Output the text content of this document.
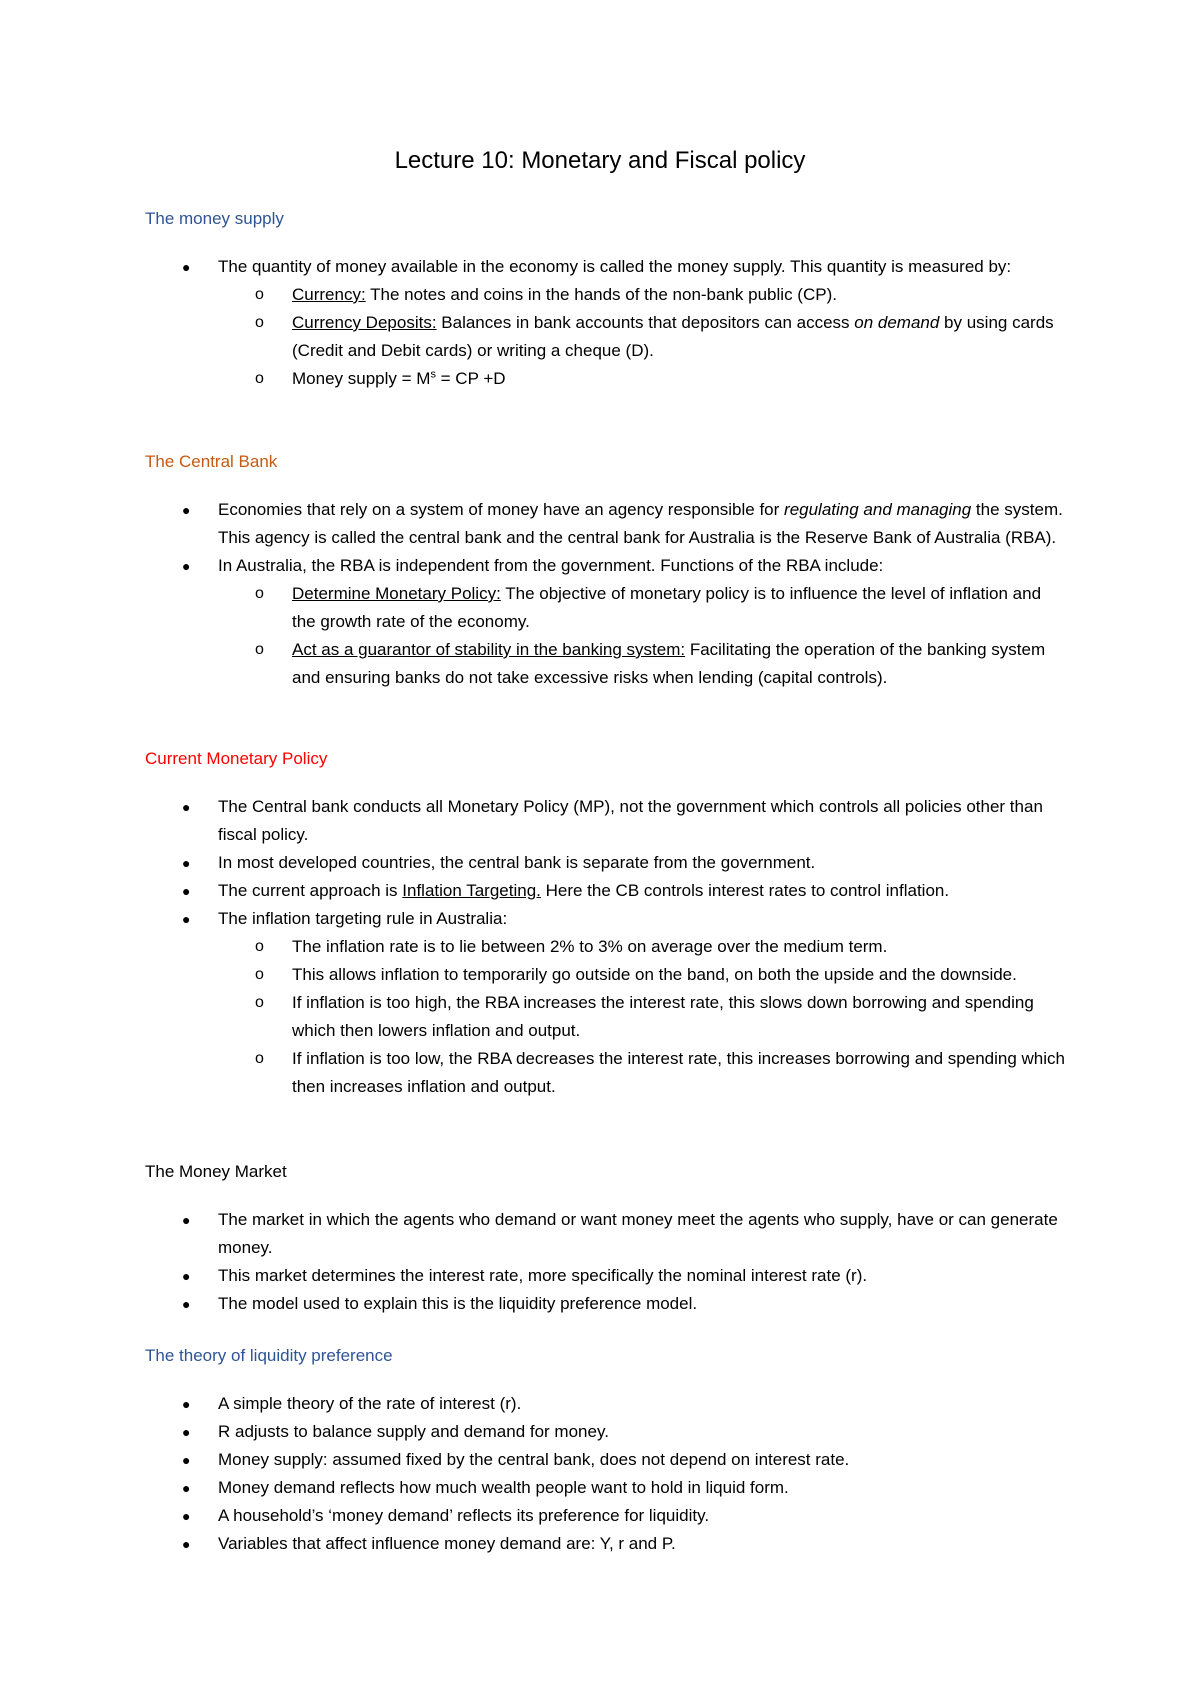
Lecture 10: Monetary and Fiscal policy
The money supply
●	The quantity of money available in the economy is called the money supply. This quantity is measured by:
o Currency: The notes and coins in the hands of the non-bank public (CP).
o Currency Deposits: Balances in bank accounts that depositors can access on demand by using cards (Credit and Debit cards) or writing a cheque (D).
o Money supply = $M^s$ = CP +D
The Central Bank
●	Economies that rely on a system of money have an agency responsible for regulating and managing the system. This agency is called the central bank and the central bank for Australia is the Reserve Bank of Australia (RBA).
●	In Australia, the RBA is independent from the government. Functions of the RBA include:
o Determine Monetary Policy: The objective of monetary policy is to influence the level of inflation and the growth rate of the economy.
o Act as a guarantor of stability in the banking system: Facilitating the operation of the banking system and ensuring banks do not take excessive risks when lending (capital controls).
Current Monetary Policy
●	The Central bank conducts all Monetary Policy (MP), not the government which controls all policies other than fiscal policy.
●	In most developed countries, the central bank is separate from the government.
●	The current approach is Inflation Targeting. Here the CB controls interest rates to control inflation.
●	The inflation targeting rule in Australia:
o The inflation rate is to lie between 2% to 3% on average over the medium term.
o This allows inflation to temporarily go outside on the band, on both the upside and the downside.
o If inflation is too high, the RBA increases the interest rate, this slows down borrowing and spending which then lowers inflation and output.
o If inflation is too low, the RBA decreases the interest rate, this increases borrowing and spending which then increases inflation and output.
The Money Market
●	The market in which the agents who demand or want money meet the agents who supply, have or can generate money.
●	This market determines the interest rate, more specifically the nominal interest rate (r).
●	The model used to explain this is the liquidity preference model.
The theory of liquidity preference
●	A simple theory of the rate of interest (r).
●	R adjusts to balance supply and demand for money.
●	Money supply: assumed fixed by the central bank, does not depend on interest rate.
●	Money demand reflects how much wealth people want to hold in liquid form.
●	A household’s ‘money demand’ reflects its preference for liquidity.
●	Variables that affect influence money demand are: Y, r and P.
